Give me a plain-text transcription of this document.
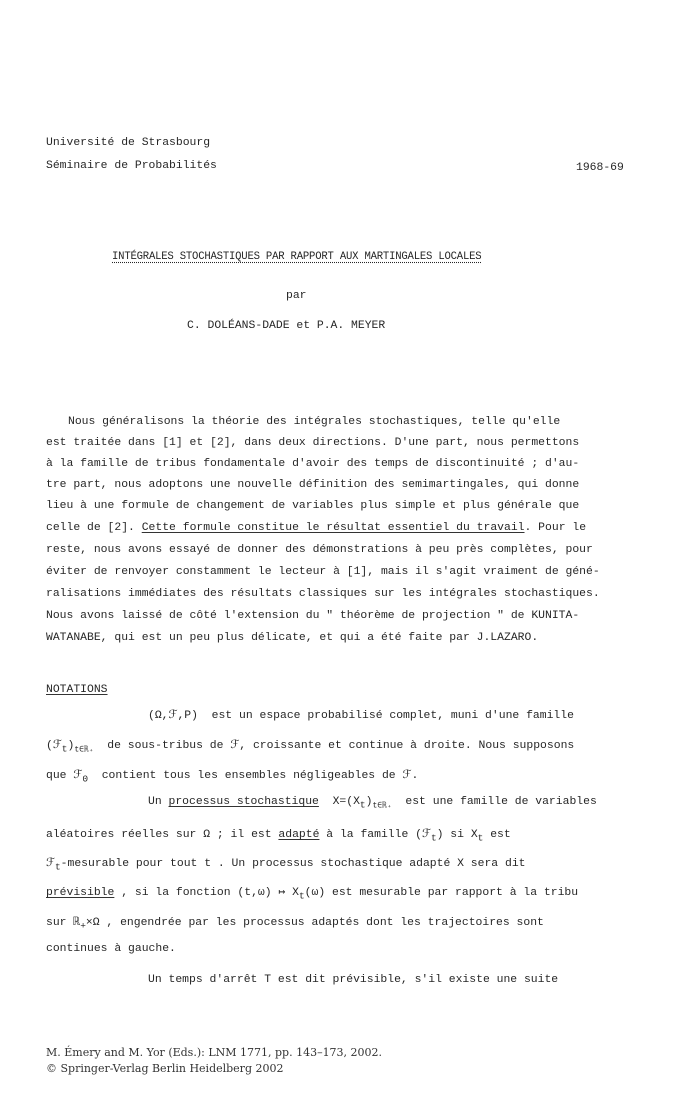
Université de Strasbourg
Séminaire de Probabilités	1968-69
INTÉGRALES STOCHASTIQUES PAR RAPPORT AUX MARTINGALES LOCALES
par
C. DOLÉANS-DADE et P.A. MEYER
Nous généralisons la théorie des intégrales stochastiques, telle qu'elle
est traitée dans [1] et [2], dans deux directions. D'une part, nous permettons
à la famille de tribus fondamentale d'avoir des temps de discontinuité ; d'au-
tre part, nous adoptons une nouvelle définition des semimartingales, qui donne
lieu à une formule de changement de variables plus simple et plus générale que
celle de [2]. Cette formule constitue le résultat essentiel du travail. Pour le
reste, nous avons essayé de donner des démonstrations à peu près complètes, pour
éviter de renvoyer constamment le lecteur à [1], mais il s'agit vraiment de géné-
ralisations immédiates des résultats classiques sur les intégrales stochastiques.
Nous avons laissé de côté l'extension du " théorème de projection " de KUNITA-
WATANABE, qui est un peu plus délicate, et qui a été faite par J.LAZARO.
NOTATIONS
(Ω,ℱ,P) est un espace probabilisé complet, muni d'une famille
$(ℱ_t)_{t\in ℝ_+}$ de sous-tribus de ℱ, croissante et continue à droite. Nous supposons
que ℱ$_0$ contient tous les ensembles négligeables de ℱ.
Un processus stochastique $X=(X_t)_{t\in ℝ_+}$ est une famille de variables
aléatoires réelles sur Ω ; il est adapté à la famille (ℱ$_t$) si $X_t$ est
ℱ$_t$-mesurable pour tout t . Un processus stochastique adapté X sera dit
prévisible , si la fonction (t,ω) ↦ $X_t(\omega)$ est mesurable par rapport à la tribu
sur ℝ$_+$×Ω , engendrée par les processus adaptés dont les trajectoires sont
continues à gauche.
Un temps d'arrêt T est dit prévisible, s'il existe une suite
M. Émery and M. Yor (Eds.): LNM 1771, pp. 143–173, 2002.
© Springer-Verlag Berlin Heidelberg 2002
